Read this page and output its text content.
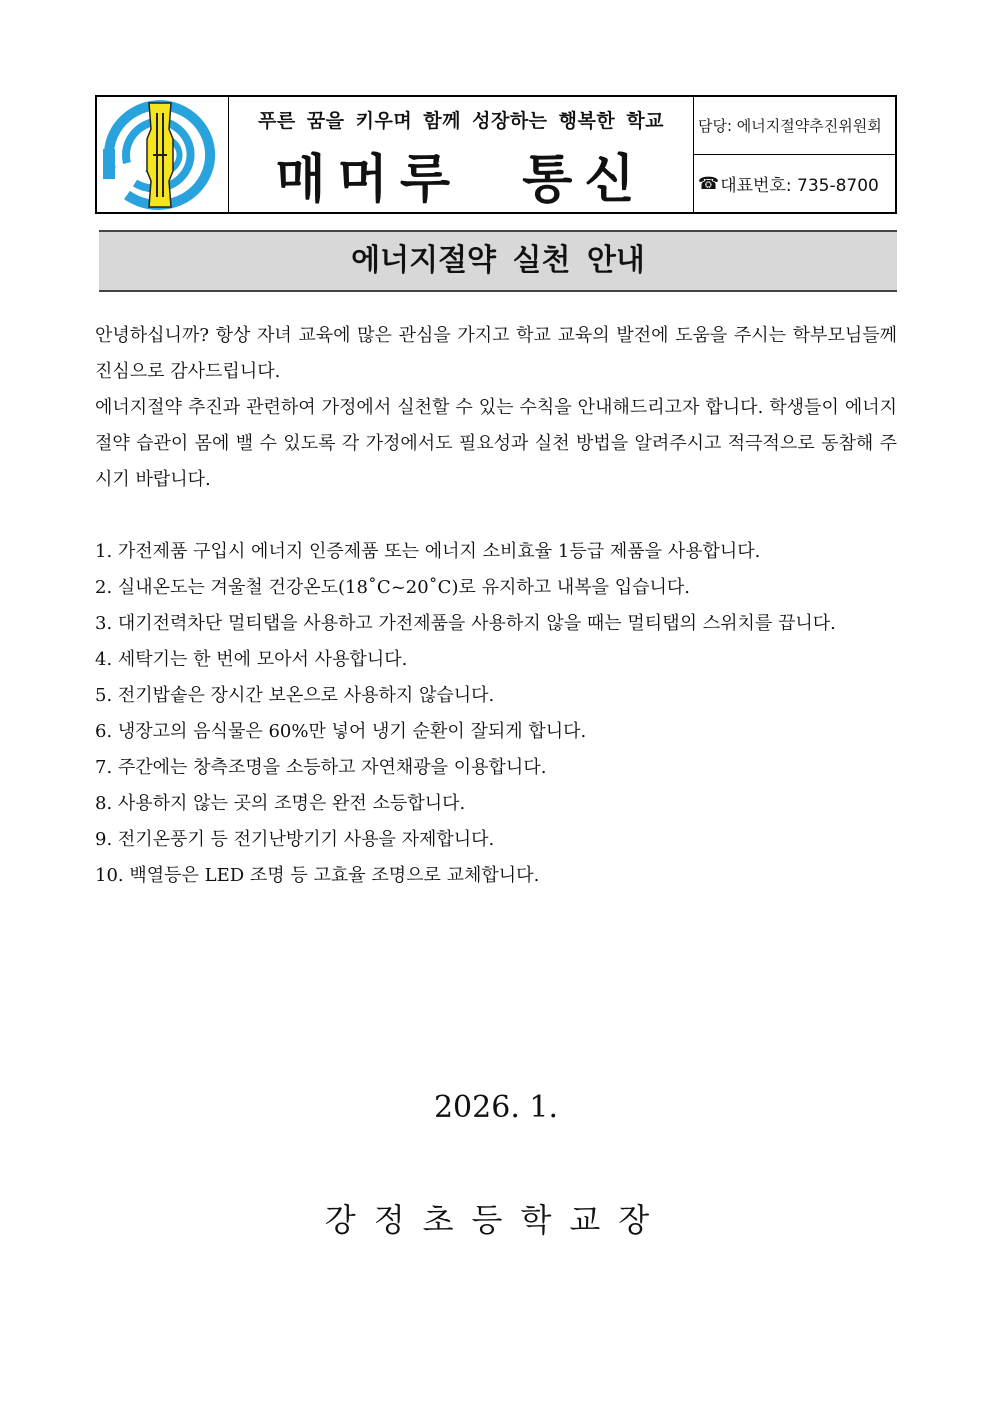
푸른 꿈을 키우며 함께 성장하는 행복한 학교
매머루 통신
담당: 에너지절약추진위원회
☎ 대표번호: 735-8700
에너지절약 실천 안내

안녕하십니까? 항상 자녀 교육에 많은 관심을 가지고 학교 교육의 발전에 도움을 주시는 학부모님들께 진심으로 감사드립니다.

에너지절약 추진과 관련하여 가정에서 실천할 수 있는 수칙을 안내해드리고자 합니다. 학생들이 에너지절약 습관이 몸에 밸 수 있도록 각 가정에서도 필요성과 실천 방법을 알려주시고 적극적으로 동참해 주시기 바랍니다.

1. 가전제품 구입시 에너지 인증제품 또는 에너지 소비효율 1등급 제품을 사용합니다.
2. 실내온도는 겨울철 건강온도(18˚C~20˚C)로 유지하고 내복을 입습니다.
3. 대기전력차단 멀티탭을 사용하고 가전제품을 사용하지 않을 때는 멀티탭의 스위치를 끕니다.
4. 세탁기는 한 번에 모아서 사용합니다.
5. 전기밥솥은 장시간 보온으로 사용하지 않습니다.
6. 냉장고의 음식물은 60%만 넣어 냉기 순환이 잘되게 합니다.
7. 주간에는 창측조명을 소등하고 자연채광을 이용합니다.
8. 사용하지 않는 곳의 조명은 완전 소등합니다.
9. 전기온풍기 등 전기난방기기 사용을 자제합니다.
10. 백열등은 LED 조명 등 고효율 조명으로 교체합니다.
2026. 1.
강정초등학교장
